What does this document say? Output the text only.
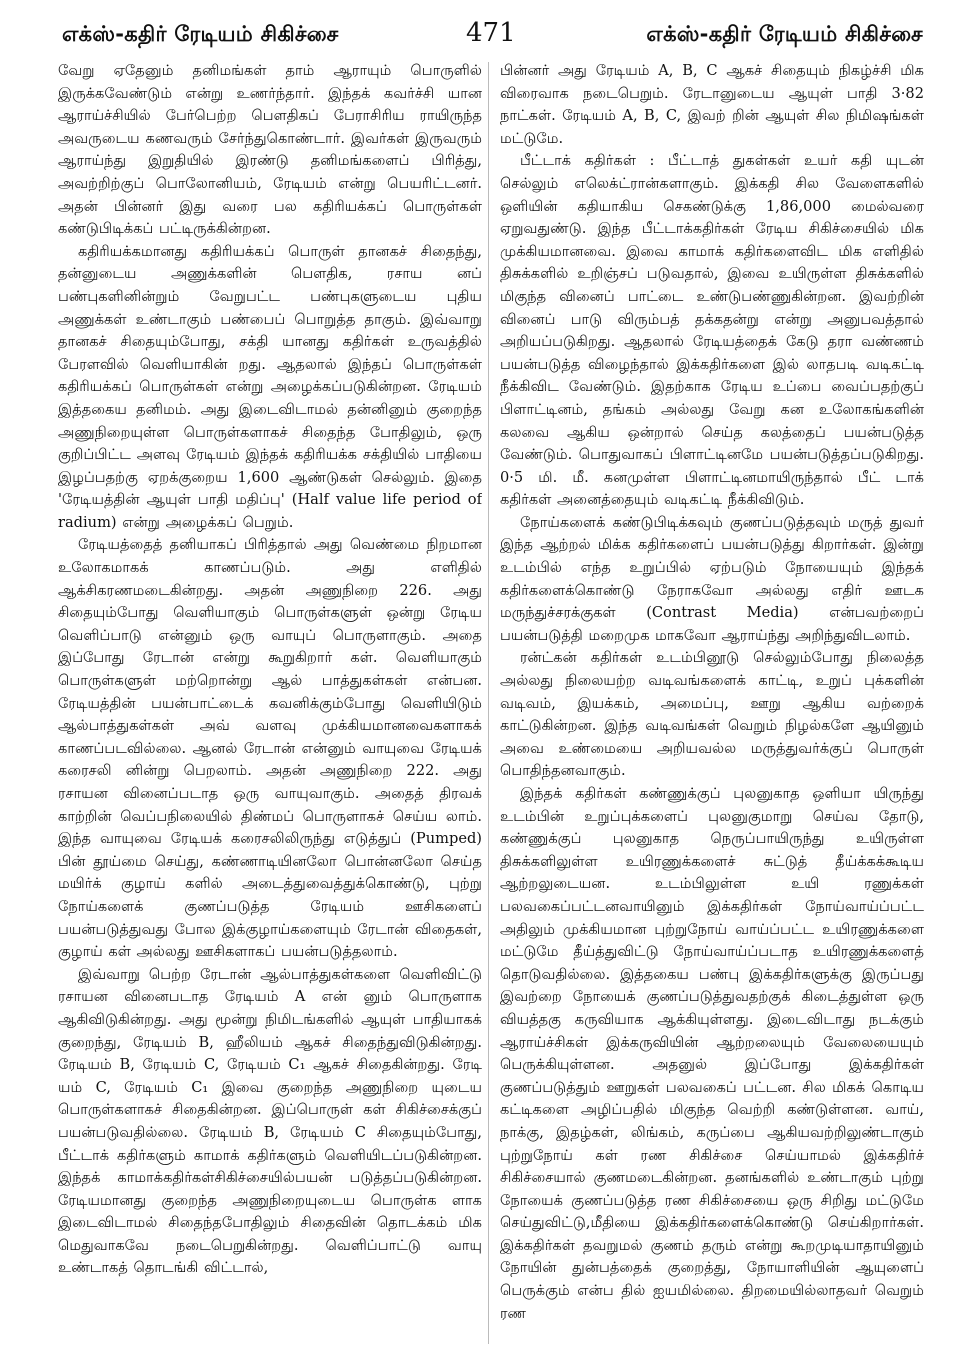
எக்ஸ்-கதிர் ரேடியம் சிகிச்சை	471	எக்ஸ்-கதிர் ரேடியம் சிகிச்சை

வேறு ஏதேனும் தனிமங்கள் தாம் ஆராயும் பொருளில் இருக்கவேண்டும் என்று உணர்ந்தார். இந்தக் கவர்ச்சி யான ஆராய்ச்சியில் பேர்பெற்ற பௌதிகப் பேராசிரிய ராயிருந்த அவருடைய கணவரும் சேர்ந்துகொண்டார். இவர்கள் இருவரும் ஆராய்ந்து இறுதியில் இரண்டு தனிமங்களைப் பிரித்து, அவற்றிற்குப் பொலோனியம், ரேடியம் என்று பெயரிட்டனர். அதன் பின்னர் இது வரை பல கதிரியக்கப் பொருள்கள் கண்டுபிடிக்கப் பட்டிருக்கின்றன.

கதிரியக்கமானது கதிரியக்கப் பொருள் தானகச் சிதைந்து, தன்னுடைய அணுக்களின் பௌதிக, ரசாய னப் பண்புகளினின்றும் வேறுபட்ட பண்புகளுடைய புதிய அணுக்கள் உண்டாகும் பண்பைப் பொறுத்த தாகும். இவ்வாறு தானகச் சிதையும்போது, சக்தி யானது கதிர்கள் உருவத்தில் பேரளவில் வெளியாகின் றது. ஆதலால் இந்தப் பொருள்கள் கதிரியக்கப் பொருள்கள் என்று அழைக்கப்படுகின்றன. ரேடியம் இத்தகைய தனிமம். அது இடைவிடாமல் தன்னினும் குறைந்த அணுநிறையுள்ள பொருள்களாகச் சிதைந்த போதிலும், ஒரு குறிப்பிட்ட அளவு ரேடியம் இந்தக் கதிரியக்க சக்தியில் பாதியை இழப்பதற்கு ஏறக்குறைய 1,600 ஆண்டுகள் செல்லும். இதை 'ரேடியத்தின் ஆயுள் பாதி மதிப்பு' (Half value life period of radium) என்று அழைக்கப் பெறும்.

ரேடியத்தைத் தனியாகப் பிரித்தால் அது வெண்மை நிறமான உலோகமாகக் காணப்படும். அது எளிதில் ஆக்சிகரணமடைகின்றது. அதன் அணுநிறை 226. அது சிதையும்போது வெளியாகும் பொருள்களுள் ஒன்று ரேடிய வெளிப்பாடு என்னும் ஒரு வாயுப் பொருளாகும். அதை இப்போது ரேடான் என்று கூறுகிறார் கள். வெளியாகும் பொருள்களுள் மற்றொன்று ஆல் பாத்துகள்கள் என்பன. ரேடியத்தின் பயன்பாட்டைக் கவனிக்கும்போது வெளியிடும் ஆல்பாத்துகள்கள் அவ் வளவு முக்கியமானவைகளாகக் காணப்படவில்லை. ஆனல் ரேடான் என்னும் வாயுவை ரேடியக் கரைசலி னின்று பெறலாம். அதன் அணுநிறை 222. அது ரசாயன வினைப்படாத ஒரு வாயுவாகும். அதைத் திரவக் காற்றின் வெப்பநிலையில் திண்மப் பொருளாகச் செய்ய லாம். இந்த வாயுவை ரேடியக் கரைசலிலிருந்து எடுத்துப் (Pumped) பின் தூய்மை செய்து, கண்ணாடியினலோ பொன்னலோ செய்த மயிர்க் குழாய் களில் அடைத்துவைத்துக்கொண்டு, புற்று நோய்களைக் குணப்படுத்த ரேடியம் ஊசிகளைப் பயன்படுத்துவது போல இக்குழாய்களையும் ரேடான் விதைகள், குழாய் கள் அல்லது ஊசிகளாகப் பயன்படுத்தலாம்.

இவ்வாறு பெற்ற ரேடான் ஆல்பாத்துகள்களை வெளிவிட்டு ரசாயன வினைபடாத ரேடியம் A என் னும் பொருளாக ஆகிவிடுகின்றது. அது மூன்று நிமிடங்களில் ஆயுள் பாதியாகக் குறைந்து, ரேடியம் B, ஹீலியம் ஆகச் சிதைந்துவிடுகின்றது. ரேடியம் B, ரேடியம் C, ரேடியம் C₁ ஆகச் சிதைகின்றது. ரேடி யம் C, ரேடியம் C₁ இவை குறைந்த அணுநிறை யுடைய பொருள்களாகச் சிதைகின்றன. இப்பொருள் கள் சிகிச்சைக்குப் பயன்படுவதில்லை. ரேடியம் B, ரேடியம் C சிதையும்போது, பீட்டாக் கதிர்களும் காமாக் கதிர்களும் வெளியிடப்படுகின்றன. இந்தக் காமாக்கதிர்கள்சிகிச்சையில்பயன் படுத்தப்படுகின்றன. ரேடியமானது குறைந்த அணுநிறையுடைய பொருள்க ளாக இடைவிடாமல் சிதைந்தபோதிலும் சிதைவின் தொடக்கம் மிக மெதுவாகவே நடைபெறுகின்றது. வெளிப்பாட்டு வாயு உண்டாகத் தொடங்கி விட்டால்,

பின்னர் அது ரேடியம் A, B, C ஆகச் சிதையும் நிகழ்ச்சி மிக விரைவாக நடைபெறும். ரேடானுடைய ஆயுள் பாதி 3·82 நாட்கள். ரேடியம் A, B, C, இவற் றின் ஆயுள் சில நிமிஷங்கள் மட்டுமே.

பீட்டாக் கதிர்கள் : பீட்டாத் துகள்கள் உயர் கதி யுடன் செல்லும் எலெக்ட்ரான்களாகும். இக்கதி சில வேளைகளில் ஒளியின் கதியாகிய செகண்டுக்கு 1,86,000 மைல்வரை ஏறுவதுண்டு. இந்த பீட்டாக்கதிர்கள் ரேடிய சிகிச்சையில் மிக முக்கியமானவை. இவை காமாக் கதிர்களைவிட மிக எளிதில் திசுக்களில் உறிஞ்சப் படுவதால், இவை உயிருள்ள திசுக்களில் மிகுந்த வினைப் பாட்டை உண்டுபண்ணுகின்றன. இவற்றின் வினைப் பாடு விரும்பத் தக்கதன்று என்று அனுபவத்தால் அறியப்படுகிறது. ஆதலால் ரேடியத்தைக் கேடு தரா வண்ணம் பயன்படுத்த விழைந்தால் இக்கதிர்களை இல் லாதபடி வடிகட்டி நீக்கிவிட வேண்டும். இதற்காக ரேடிய உப்பை வைப்பதற்குப் பிளாட்டினம், தங்கம் அல்லது வேறு கன உலோகங்களின் கலவை ஆகிய ஒன்றால் செய்த கலத்தைப் பயன்படுத்த வேண்டும். பொதுவாகப் பிளாட்டினமே பயன்படுத்தப்படுகிறது. 0·5 மி. மீ. கனமுள்ள பிளாட்டினமாயிருந்தால் பீட் டாக் கதிர்கள் அனைத்தையும் வடிகட்டி நீக்கிவிடும்.

நோய்களைக் கண்டுபிடிக்கவும் குணப்படுத்தவும் மருத் துவர் இந்த ஆற்றல் மிக்க கதிர்களைப் பயன்படுத்து கிறார்கள். இன்று உடம்பில் எந்த உறுப்பில் ஏற்படும் நோயையும் இந்தக் கதிர்களைக்கொண்டு நேராகவோ அல்லது எதிர் ஊடக மருந்துச்சரக்குகள் (Contrast Media) என்பவற்றைப் பயன்படுத்தி மறைமுக மாகவோ ஆராய்ந்து அறிந்துவிடலாம்.

ரன்ட்கன் கதிர்கள் உடம்பினூடு செல்லும்போது நிலைத்த அல்லது நிலையற்ற வடிவங்களைக் காட்டி, உறுப் புக்களின் வடிவம், இயக்கம், அமைப்பு, ஊறு ஆகிய வற்றைக் காட்டுகின்றன. இந்த வடிவங்கள் வெறும் நிழல்களே ஆயினும் அவை உண்மையை அறியவல்ல மருத்துவர்க்குப் பொருள் பொதிந்தனவாகும்.

இந்தக் கதிர்கள் கண்ணுக்குப் புலனுகாத ஒளியா யிருந்து உடம்பின் உறுப்புக்களைப் புலனுகுமாறு செய்வ தோடு, கண்ணுக்குப் புலனுகாத நெருப்பாயிருந்து உயிருள்ள திசுக்களிலுள்ள உயிரணுக்களைச் சுட்டுத் தீய்க்கக்கூடிய ஆற்றலுடையன. உடம்பிலுள்ள உயி ரணுக்கள் பலவகைப்பட்டனவாயினும் இக்கதிர்கள் நோய்வாய்ப்பட்ட அதிலும் முக்கியமான புற்றுநோய் வாய்ப்பட்ட உயிரணுக்களை மட்டுமே தீய்த்துவிட்டு நோய்வாய்ப்படாத உயிரணுக்களைத் தொடுவதில்லை. இத்தகைய பண்பு இக்கதிர்களுக்கு இருப்பது இவற்றை நோயைக் குணப்படுத்துவதற்குக் கிடைத்துள்ள ஒரு வியத்தகு கருவியாக ஆக்கியுள்ளது. இடைவிடாது நடக்கும் ஆராய்ச்சிகள் இக்கருவியின் ஆற்றலையும் வேலையையும் பெருக்கியுள்ளன. அதனுல் இப்போது இக்கதிர்கள் குணப்படுத்தும் ஊறுகள் பலவகைப் பட்டன. சில மிகக் கொடிய கட்டிகளை அழிப்பதில் மிகுந்த வெற்றி கண்டுள்ளன. வாய், நாக்கு, இதழ்கள், லிங்கம், கருப்பை ஆகியவற்றிலுண்டாகும் புற்றுநோய் கள் ரண சிகிச்சை செய்யாமல் இக்கதிர்ச் சிகிச்சையால் குணமடைகின்றன. தனங்களில் உண்டாகும் புற்று நோயைக் குணப்படுத்த ரண சிகிச்சையை ஒரு சிறிது மட்டுமே செய்துவிட்டு,மீதியை இக்கதிர்களைக்கொண்டு செய்கிறார்கள். இக்கதிர்கள் தவறுமல் குணம் தரும் என்று கூறமுடியாதாயினும் நோயின் துன்பத்தைக் குறைத்து, நோயாளியின் ஆயுளைப் பெருக்கும் என்ப தில் ஐயமில்லை. திறமையில்லாதவர் வெறும் ரண
